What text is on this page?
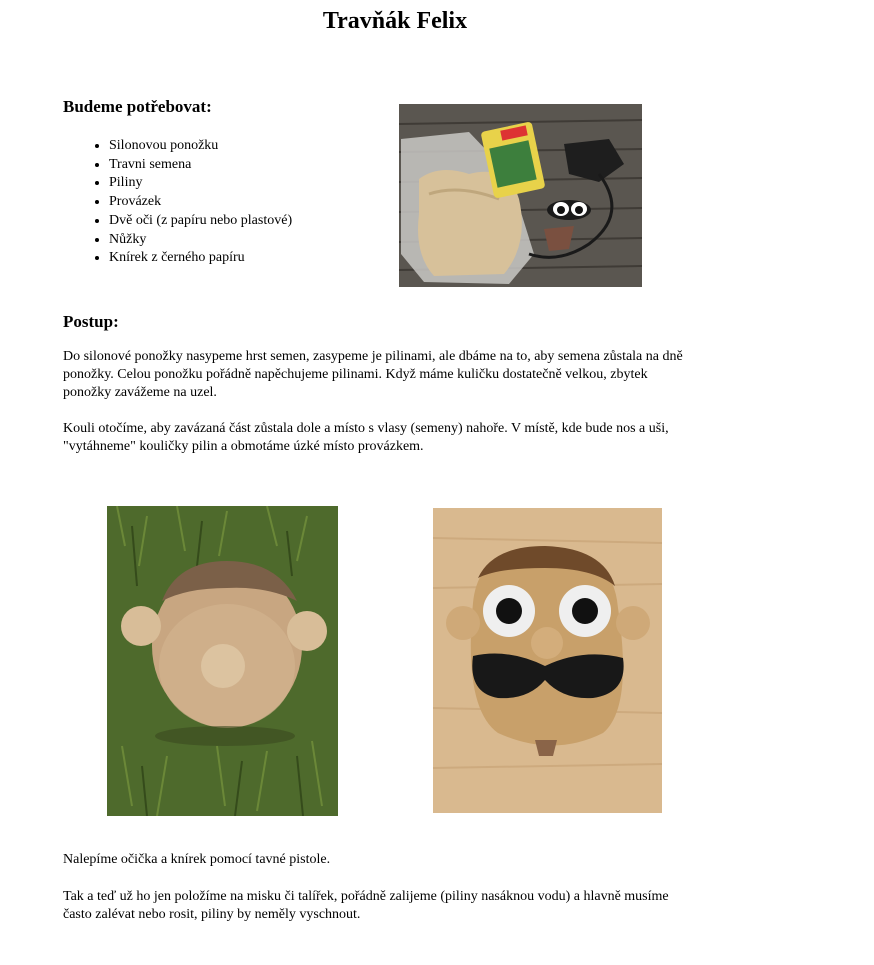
Travňák Felix
Budeme potřebovat:
• Silonovou ponožku
• Travni semena
• Piliny
• Provázek
• Dvě oči (z papíru nebo plastové)
• Nůžky
• Knírek z černého papíru
Postup:

Do silonové ponožky nasypeme hrst semen, zasypeme je pilinami, ale dbáme na to, aby semena zůstala na dně ponožky. Celou ponožku pořádně napěchujeme pilinami. Když máme kuličku dostatečně velkou, zbytek ponožky zavážeme na uzel.

Kouli otočíme, aby zavázaná část zůstala dole a místo s vlasy (semeny) nahoře. V místě, kde bude nos a uši, "vytáhneme" kouličky pilin a obmotáme úzké místo provázkem.

Nalepíme očička a knírek pomocí tavné pistole.

Tak a teď už ho jen položíme na misku či talířek, pořádně zalijeme (piliny nasáknou vodu) a hlavně musíme často zalévat nebo rosit, piliny by neměly vyschnout.
